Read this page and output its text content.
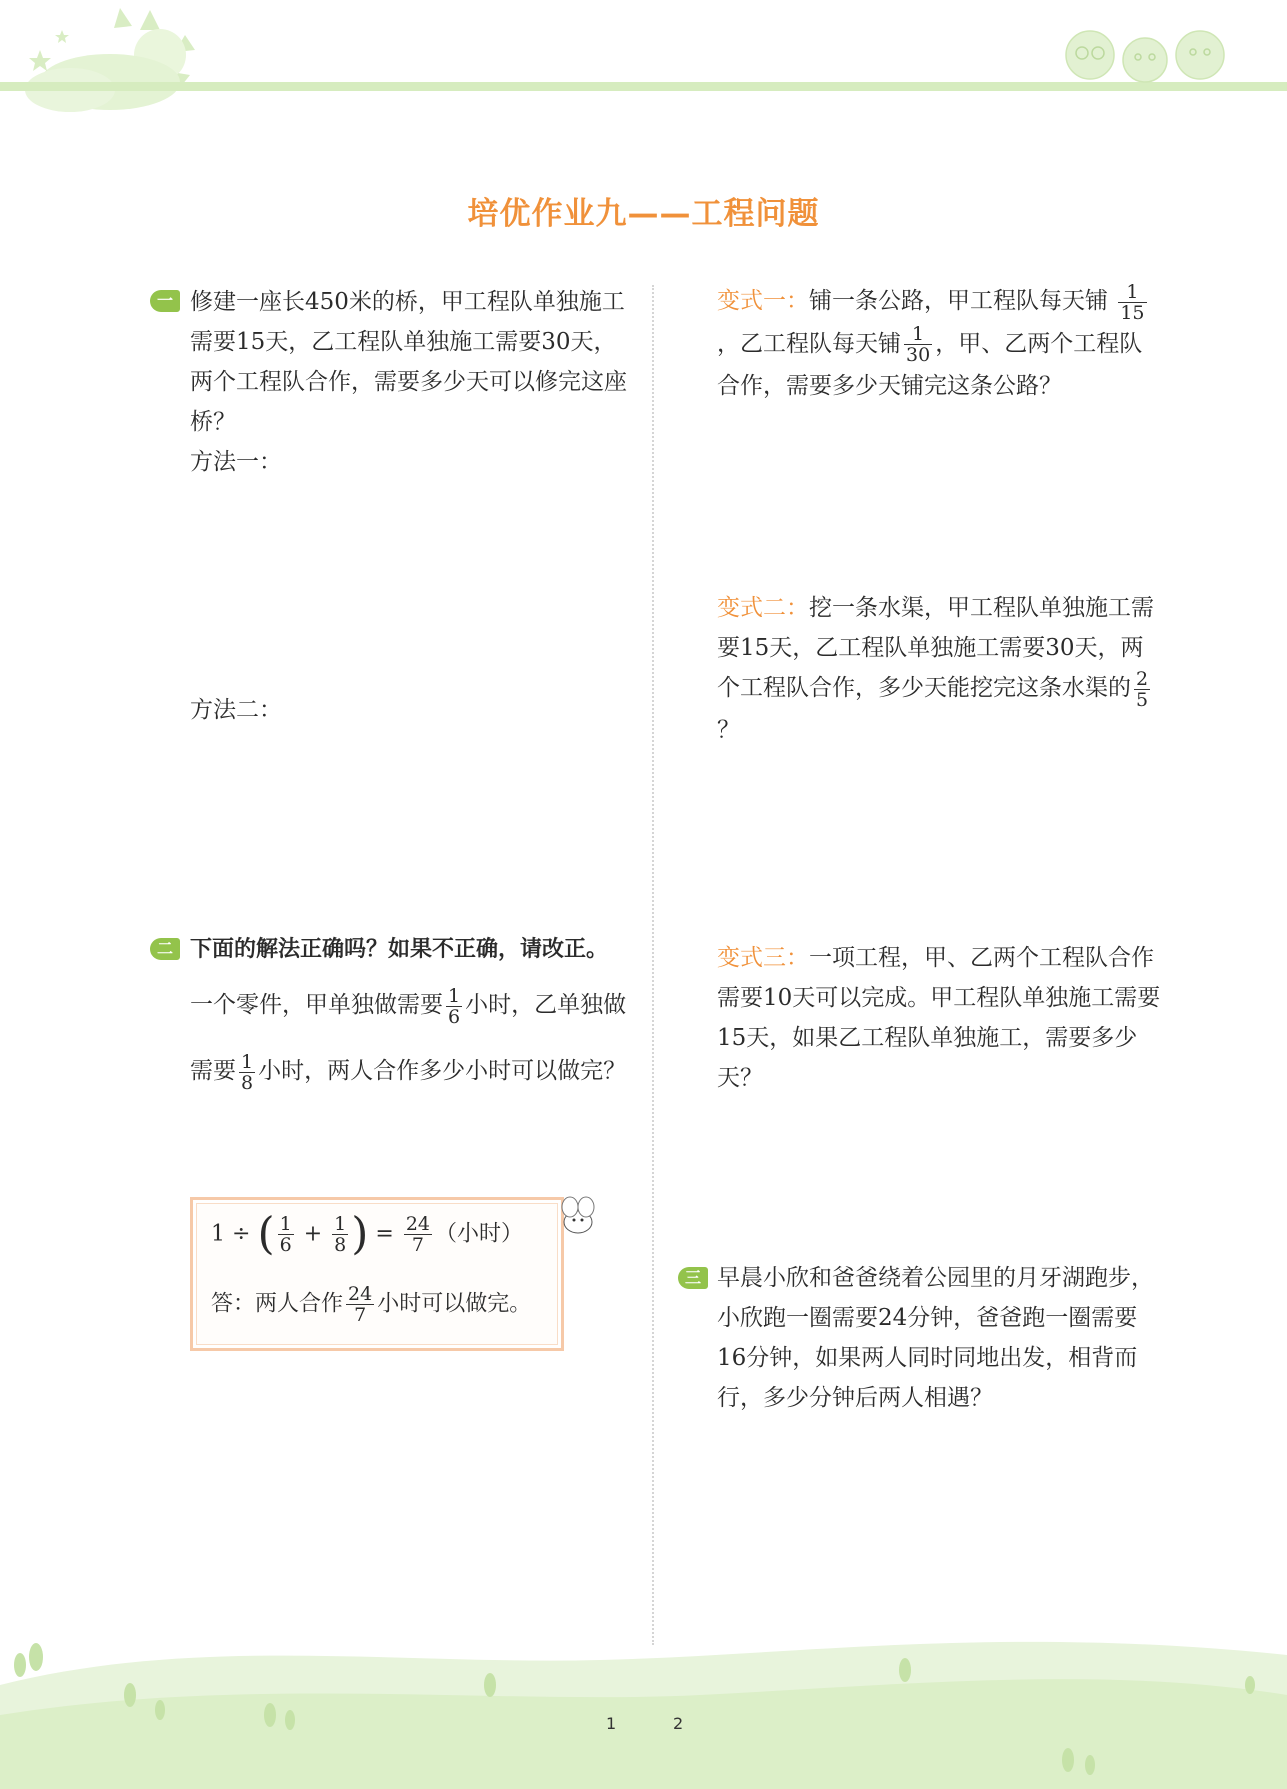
培优作业九——工程问题
一 修建一座长450米的桥，甲工程队单独施工需要15天，乙工程队单独施工需要30天，两个工程队合作，需要多少天可以修完这座桥？

方法一：

方法二：

变式一：铺一条公路，甲工程队每天铺 $\frac{1}{15}$
，乙工程队每天铺 $\frac{1}{30}$ ，甲、乙两个工程队合作，需要多少天铺完这条公路？

变式二：挖一条水渠，甲工程队单独施工需要15天，乙工程队单独施工需要30天，两个工程队合作，多少天能挖完这条水渠的 $\frac{2}{5}$
？

二 下面的解法正确吗？如果不正确，请改正。

一个零件，甲单独做需要 $\frac{1}{6}$ 小时，乙单独做需要 $\frac{1}{8}$ 小时，两人合作多少小时可以做完？

1 ÷ ( $\frac{1}{6} + \frac{1}{8}$ ) = $\frac{24}{7}$ （小时）
答：两人合作 $\frac{24}{7}$ 小时可以做完。

变式三：一项工程，甲、乙两个工程队合作需要10天可以完成。甲工程队单独施工需要15天，如果乙工程队单独施工，需要多少天？

三 早晨小欣和爸爸绕着公园里的月牙湖跑步，小欣跑一圈需要24分钟，爸爸跑一圈需要16分钟，如果两人同时同地出发，相背而行，多少分钟后两人相遇？

1	2
